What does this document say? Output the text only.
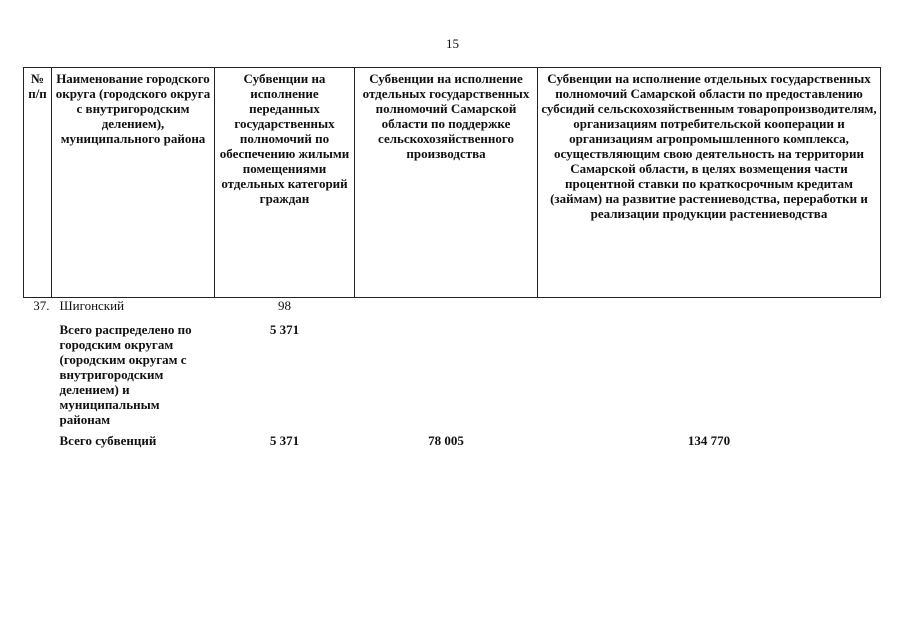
15
№ п/п	Наименование городского округа (городского округа с внутригородским делением), муниципального района	Субвенции на исполнение переданных государственных полномочий по обеспечению жилыми помещениями отдельных категорий граждан	Субвенции на исполнение отдельных государственных полномочий Самарской области по поддержке сельскохозяйственного производства	Субвенции на исполнение отдельных государственных полномочий Самарской области по предоставлению субсидий сельскохозяйственным товаропроизводителям, организациям потребительской кооперации и организациям агропромышленного комплекса, осуществляющим свою деятельность на территории Самарской области, в целях возмещения части процентной ставки по краткосрочным кредитам (займам) на развитие растениеводства, переработки и реализации продукции растениеводства
37.	Шигонский	98		
	Всего распределено по городским округам (городским округам с внутригородским делением) и муниципальным районам	5 371		
	Всего субвенций	5 371	78 005	134 770
